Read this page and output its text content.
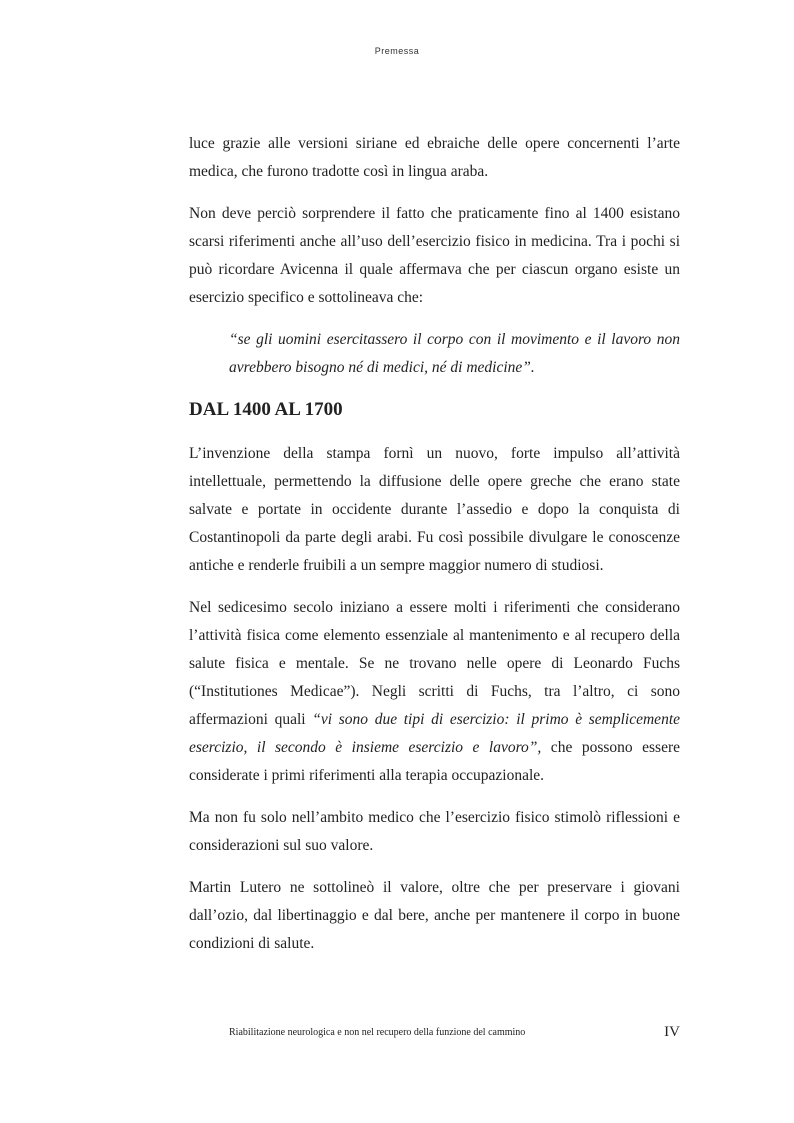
Premessa

luce grazie alle versioni siriane ed ebraiche delle opere concernenti l’arte medica, che furono tradotte così in lingua araba.

Non deve perciò sorprendere il fatto che praticamente fino al 1400 esistano scarsi riferimenti anche all’uso dell’esercizio fisico in medicina. Tra i pochi si può ricordare Avicenna il quale affermava che per ciascun organo esiste un esercizio specifico e sottolineava che:

“se gli uomini esercitassero il corpo con il movimento e il lavoro non avrebbero bisogno né di medici, né di medicine”.

DAL 1400 AL 1700

L’invenzione della stampa fornì un nuovo, forte impulso all’attività intellettuale, permettendo la diffusione delle opere greche che erano state salvate e portate in occidente durante l’assedio e dopo la conquista di Costantinopoli da parte degli arabi. Fu così possibile divulgare le conoscenze antiche e renderle fruibili a un sempre maggior numero di studiosi.

Nel sedicesimo secolo iniziano a essere molti i riferimenti che considerano l’attività fisica come elemento essenziale al mantenimento e al recupero della salute fisica e mentale. Se ne trovano nelle opere di Leonardo Fuchs (“Institutiones Medicae”). Negli scritti di Fuchs, tra l’altro, ci sono affermazioni quali “vi sono due tipi di esercizio: il primo è semplicemente esercizio, il secondo è insieme esercizio e lavoro”, che possono essere considerate i primi riferimenti alla terapia occupazionale.

Ma non fu solo nell’ambito medico che l’esercizio fisico stimolò riflessioni e considerazioni sul suo valore.

Martin Lutero ne sottolineò il valore, oltre che per preservare i giovani dall’ozio, dal libertinaggio e dal bere, anche per mantenere il corpo in buone condizioni di salute.

Riabilitazione neurologica e non nel recupero della funzione del cammino	IV
